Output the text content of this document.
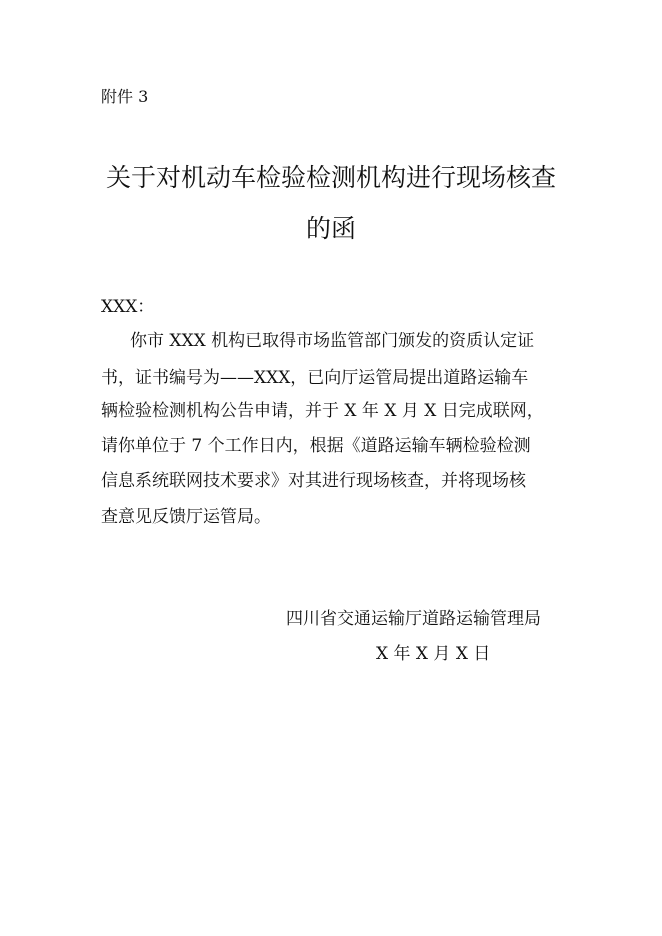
附件 3
关于对机动车检验检测机构进行现场核查
的函
XXX：
你市 XXX 机构已取得市场监管部门颁发的资质认定证
书，证书编号为——XXX，已向厅运管局提出道路运输车
辆检验检测机构公告申请，并于 X 年 X 月 X 日完成联网，
请你单位于 7 个工作日内，根据《道路运输车辆检验检测
信息系统联网技术要求》对其进行现场核查，并将现场核
查意见反馈厅运管局。
四川省交通运输厅道路运输管理局
X 年 X 月 X 日
